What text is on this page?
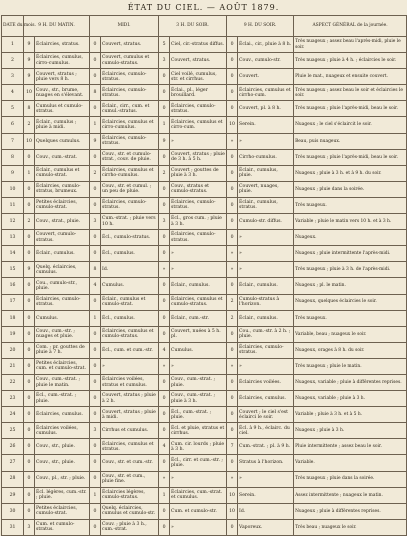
ÉTAT DU CIEL. — AOÛT 1879.
DATE du mois.	9 H. DU MATIN.		MIDI.		3 H. DU SOIR.		9 H. DU SOIR.		ASPECT GÉNÉRAL de la journée.
1	9	Éclaircies, stratus.	0	Couvert, stratus.	5	Ciel, cir.-stratus diffus.	0	Éclai., cir., pluie à 8 h.	Très nuageux ; assez beau l'après-midi, pluie le soir.
2	9	Éclaircies, cumulus, cirro-cumulus.	0	Couvert, cumulus et cumulo-stratus.	3	Couvert, stratus.	0	Couv., cumulo-str.	Très nuageux ; pluie à 4 h. ; éclaircies le soir.
3	9	Couvert, stratus ; pluie vers 8 h.	0	Éclaircies, cumulo-stratus.	0	Ciel voilé, cumulus, str. et cirrhus.	0	Couvert.	Pluie le mat., nuageux et ensuite couvert.
4	10	Couv., str., brume, nuages en s'élevant.	8	Éclaircies, cumulo-stratus.	0	Éclai., pl., léger brouillard.	0	Éclaircies, cumulus et cirrho-cum.	Très nuageux ; assez beau le soir et éclaircies le soir.
5	8	Cumulus et cumulo-stratus.	0	Éclair., cirr., cum. et cumul.-stratus.	0	Éclaircies, cumulo-stratus.	0	Couvert, pl. à 8 h.	Très nuageux ; pluie l'après-midi, beau le soir.
6	2	Éclair., cumulus ; pluie à midi.	1	Éclaircies, cumulus et cirro-cumulus.	1	Éclaircies, cumulus et cirro-cum.	10	Serein.	Nuageux ; le ciel s'éclaircit le soir.
7	10	Quelques cumulus.	9	Éclaircies, cumulo-stratus.	9	»	»	»	Beau, puis nuageux.
8	0	Couv., cum.-strat.	0	Couv., str. et cumulo-strat., couv. de pluie.	0	Couvert, stratus ; pluie de 3 h. à 5 h.	0	Cirrho-cumulus.	Très nuageux ; pluie l'après-midi, beau le soir.
9	1	Éclair., cumulus et cumulo-strat.	2	Éclaircies, cumulus et cirrho-cumulus.	2	Couvert ; gouttes de pluie à 3 h.	0	Éclair., cumulus, pluie.	Nuageux ; pluie à 3 h. et à 9 h. du soir.
10	0	Éclaircies, cumulo-stratus, brumeux.	0	Couv., str. et cumul. ; un peu de pluie.	0	Couv., stratus et cumulo-stratus.	0	Couvert, nuages, pluie.	Nuageux ; pluie dans la soirée.
11	0	Petites éclaircies, cumulo-strat.	0	Éclaircies, cumulo-stratus.	0	Éclaircies, cumulo-stratus.	0	Éclair., cumulus, stratus.	Très nuageux.
12	2	Couv., strat., pluie.	3	Cum.-strat. ; pluie vers 10 h.	3	Écl., gros cum. ; pluie à 3 h.	0	Cumulo-str. diffus.	Variable ; pluie le matin vers 10 h. et à 3 h.
13	0	Couvert, cumulo-stratus.	0	Écl., cumulo-stratus.	0	Éclaircies, cumulo-stratus.	0	»	Nuageux.
14	0	Éclair., cumulus.	0	Écl., cumulus.	0	»	»	»	Nuageux ; pluie intermittente l'après-midi.
15	9	Quelq. éclaircies, cumulus.	8	Id.	»	»	»	»	Très nuageux ; pluie à 3 h. de l'après-midi.
16	0	Cou., cumulo-str., pluie.	4	Cumulus.	0	Éclair., cumulus.	0	Éclair., cumulus.	Nuageux ; pl. le matin.
17	0	Éclaircies, cumulo-stratus.	0	Éclair., cumulus et cumulo-strat.	0	Éclaircies, cumulus et cumulo-stratus.	2	Cumulo-stratus à l'horizon.	Nuageux, quelques éclaircies le soir.
18	0	Cumulus.	1	Écl., cumulus.	0	Éclair., cum.-str.	2	Éclair., cumulus.	Très nuageux.
19	0	Couv., cum.-str. ; nuages et pluie.	0	Éclaircies, cumulus et cumulo-stratus.	0	Couvert, nuées à 5 h. pl.	0	Cou., cum.-str. à 2 h. ; pluie.	Variable, beau ; nuageux le soir.
20	0	Com. ; pr. gouttes de pluie à 7 h.	0	Écl., cum. et cum.-str.	4	Cumulus.	0	Éclaircies, cumulo-stratus.	Nuageux, orages à 8 h. du soir.
21	0	Petites éclaircies, cum. et cumulo-strat.	0	»	»	»	»	»	Très nuageux ; pluie le matin.
22	0	Couv., cum.-strat. ; pluie le matin.	0	Éclaircies voilées, stratus et cumulus.	0	Couv., cum.-strat. ; pluie.	0	Éclaircies voilées.	Nuageux, variable ; pluie à différentes reprises.
23	0	Écl., cum.-strat. ; pluie.	0	Couvert, stratus ; pluie à 2 h.	0	Couv., cum.-strat. ; pluie à 3 h.	0	Éclaircies, cumulus.	Nuageux, variable ; pluie à 3 h.
24	0	Éclaircies, cumulus.	0	Couvert, stratus ; pluie à midi.	0	Écl., cum.-strat. ; pluie.	0	Couvert ; le ciel s'est éclairci le soir.	Variable ; pluie à 3 h. et à 5 h.
25	0	Éclaircies voilées, cumulus.	3	Cirrhus et cumulus.	0	Écl. et pluie, stratus et cirrhus.	0	Écl. à 9 h., éclairc. du ciel.	Nuageux ; pluie à 3 h.
26	0	Couv., str., pluie.	0	Éclaircies, cumulus et stratus.	4	Cum. cir. lourds ; pluie à 3 h.	7	Cum.-strat. ; pl. à 9 h.	Pluie intermittente ; assez beau le soir.
27	0	Couv., str., pluie.	0	Couv., str. et cum.-str.	0	Écl., cirr. et cum.-str. ; pluie.	0	Stratus à l'horizon.	Variable.
28	0	Couv., pl., str. ; pluie.	0	Couv., str. et cum., pluie fine.	»	»	»	»	Très nuageux ; pluie dans la soirée.
29	0	Écl. légères, cum.-str. ; pluie.	1	Éclaircies légères, cumulo-stratus.	1	Éclaircies, cum.-strat. et cumulus.	10	Serein.	Assez intermittente ; nuageux le matin.
30	0	Petites éclaircies, cumulo-strat.	0	Quelq. éclaircies, cumulus et cumulo-str.	0	Cum. et cumulo-str.	10	Id.	Nuageux ; pluie à différentes reprises.
31	3	Cum. et cumulo-stratus.	0	Couv. ; pluie à 3 h., cum.-strat.	0	»	0	Vaporeux.	Très beau ; nuageux le soir.
